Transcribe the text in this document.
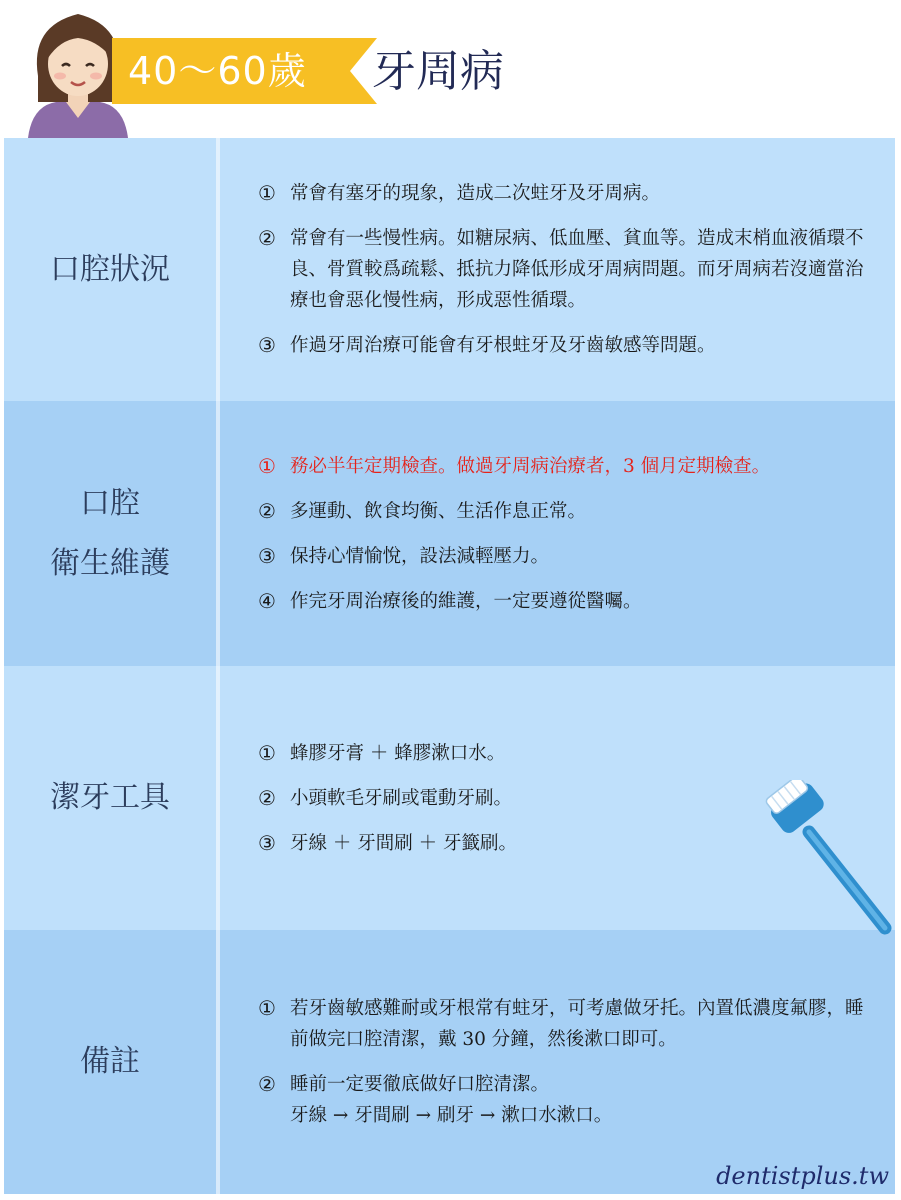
40～60歲 牙周病
口腔狀況
① 常會有塞牙的現象，造成二次蛀牙及牙周病。
② 常會有一些慢性病。如糖尿病、低血壓、貧血等。造成末梢血液循環不良、骨質較爲疏鬆、抵抗力降低形成牙周病問題。而牙周病若沒適當治療也會惡化慢性病，形成惡性循環。
③ 作過牙周治療可能會有牙根蛀牙及牙齒敏感等問題。
口腔
衛生維護
① 務必半年定期檢查。做過牙周病治療者，3 個月定期檢查。
② 多運動、飲食均衡、生活作息正常。
③ 保持心情愉悅，設法減輕壓力。
④ 作完牙周治療後的維護，一定要遵從醫囑。
潔牙工具
① 蜂膠牙膏 ＋ 蜂膠漱口水。
② 小頭軟毛牙刷或電動牙刷。
③ 牙線 ＋ 牙間刷 ＋ 牙籤刷。
備註
① 若牙齒敏感難耐或牙根常有蛀牙，可考慮做牙托。內置低濃度氟膠，睡前做完口腔清潔，戴 30 分鐘，然後漱口即可。
② 睡前一定要徹底做好口腔清潔。
牙線 → 牙間刷 → 刷牙 → 漱口水漱口。
dentistplus.tw
